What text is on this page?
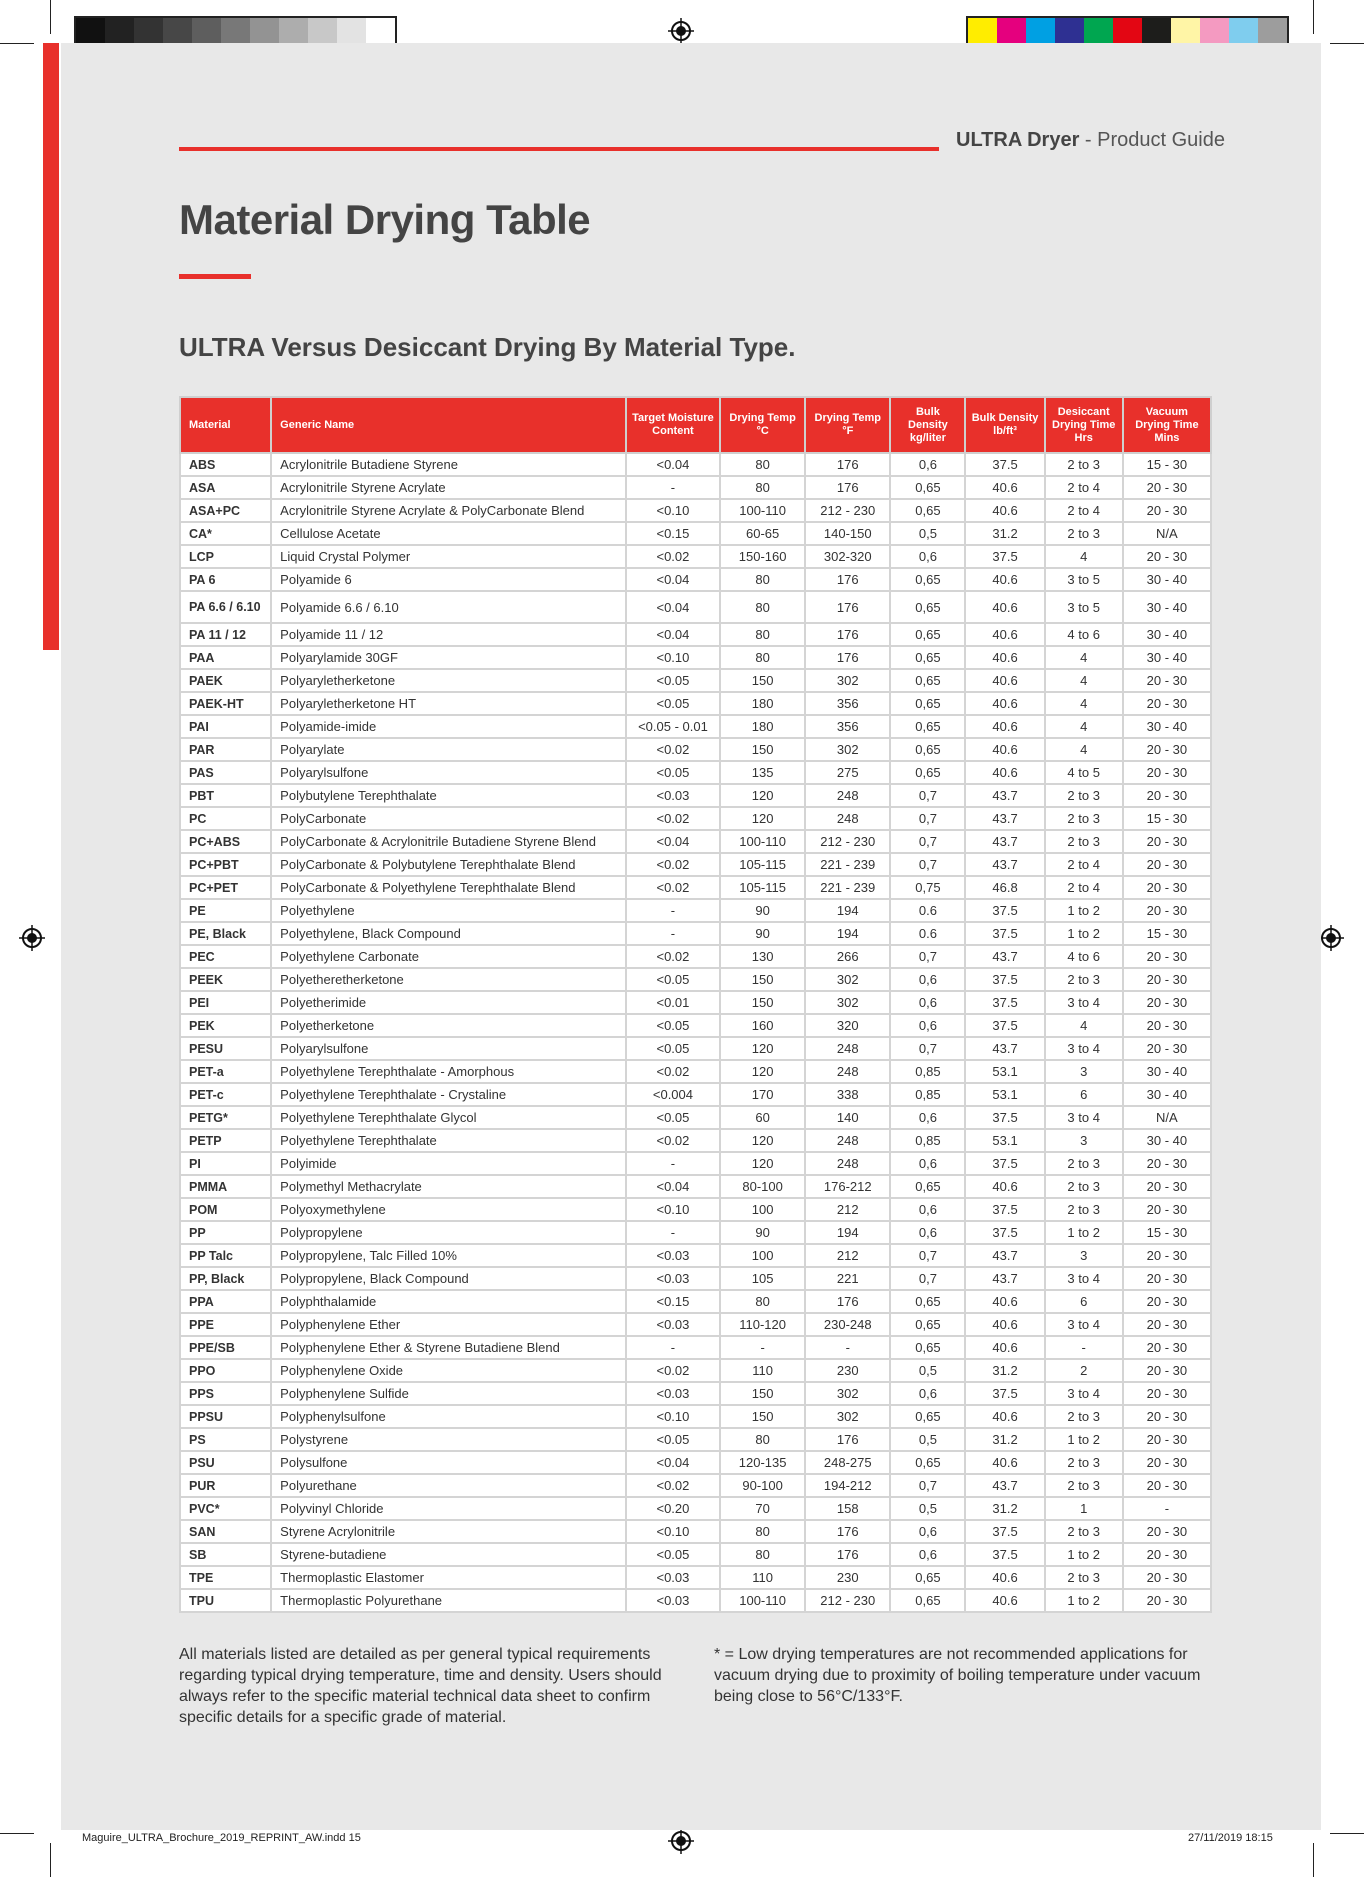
ULTRA Dryer - Product Guide
Material Drying Table
ULTRA Versus Desiccant Drying By Material Type.
Material	Generic Name	Target Moisture Content	Drying Temp °C	Drying Temp °F	Bulk Density kg/liter	Bulk Density lb/ft³	Desiccant Drying Time Hrs	Vacuum Drying Time Mins
ABS	Acrylonitrile Butadiene Styrene	<0.04	80	176	0,6	37.5	2 to 3	15 - 30
ASA	Acrylonitrile Styrene Acrylate	-	80	176	0,65	40.6	2 to 4	20 - 30
ASA+PC	Acrylonitrile Styrene Acrylate & PolyCarbonate Blend	<0.10	100-110	212 - 230	0,65	40.6	2 to 4	20 - 30
CA*	Cellulose Acetate	<0.15	60-65	140-150	0,5	31.2	2 to 3	N/A
LCP	Liquid Crystal Polymer	<0.02	150-160	302-320	0,6	37.5	4	20 - 30
PA 6	Polyamide 6	<0.04	80	176	0,65	40.6	3 to 5	30 - 40
PA 6.6 / 6.10	Polyamide 6.6 / 6.10	<0.04	80	176	0,65	40.6	3 to 5	30 - 40
PA 11 / 12	Polyamide 11 / 12	<0.04	80	176	0,65	40.6	4 to 6	30 - 40
PAA	Polyarylamide 30GF	<0.10	80	176	0,65	40.6	4	30 - 40
PAEK	Polyaryletherketone	<0.05	150	302	0,65	40.6	4	20 - 30
PAEK-HT	Polyaryletherketone HT	<0.05	180	356	0,65	40.6	4	20 - 30
PAI	Polyamide-imide	<0.05 - 0.01	180	356	0,65	40.6	4	30 - 40
PAR	Polyarylate	<0.02	150	302	0,65	40.6	4	20 - 30
PAS	Polyarylsulfone	<0.05	135	275	0,65	40.6	4 to 5	20 - 30
PBT	Polybutylene Terephthalate	<0.03	120	248	0,7	43.7	2 to 3	20 - 30
PC	PolyCarbonate	<0.02	120	248	0,7	43.7	2 to 3	15 - 30
PC+ABS	PolyCarbonate & Acrylonitrile Butadiene Styrene Blend	<0.04	100-110	212 - 230	0,7	43.7	2 to 3	20 - 30
PC+PBT	PolyCarbonate & Polybutylene Terephthalate Blend	<0.02	105-115	221 - 239	0,7	43.7	2 to 4	20 - 30
PC+PET	PolyCarbonate & Polyethylene Terephthalate Blend	<0.02	105-115	221 - 239	0,75	46.8	2 to 4	20 - 30
PE	Polyethylene	-	90	194	0.6	37.5	1 to 2	20 - 30
PE, Black	Polyethylene, Black Compound	-	90	194	0.6	37.5	1 to 2	15 - 30
PEC	Polyethylene Carbonate	<0.02	130	266	0,7	43.7	4 to 6	20 - 30
PEEK	Polyetheretherketone	<0.05	150	302	0,6	37.5	2 to 3	20 - 30
PEI	Polyetherimide	<0.01	150	302	0,6	37.5	3 to 4	20 - 30
PEK	Polyetherketone	<0.05	160	320	0,6	37.5	4	20 - 30
PESU	Polyarylsulfone	<0.05	120	248	0,7	43.7	3 to 4	20 - 30
PET-a	Polyethylene Terephthalate - Amorphous	<0.02	120	248	0,85	53.1	3	30 - 40
PET-c	Polyethylene Terephthalate - Crystaline	<0.004	170	338	0,85	53.1	6	30 - 40
PETG*	Polyethylene Terephthalate Glycol	<0.05	60	140	0,6	37.5	3 to 4	N/A
PETP	Polyethylene Terephthalate	<0.02	120	248	0,85	53.1	3	30 - 40
PI	Polyimide	-	120	248	0,6	37.5	2 to 3	20 - 30
PMMA	Polymethyl Methacrylate	<0.04	80-100	176-212	0,65	40.6	2 to 3	20 - 30
POM	Polyoxymethylene	<0.10	100	212	0,6	37.5	2 to 3	20 - 30
PP	Polypropylene	-	90	194	0,6	37.5	1 to 2	15 - 30
PP Talc	Polypropylene, Talc Filled 10%	<0.03	100	212	0,7	43.7	3	20 - 30
PP, Black	Polypropylene, Black Compound	<0.03	105	221	0,7	43.7	3 to 4	20 - 30
PPA	Polyphthalamide	<0.15	80	176	0,65	40.6	6	20 - 30
PPE	Polyphenylene Ether	<0.03	110-120	230-248	0,65	40.6	3 to 4	20 - 30
PPE/SB	Polyphenylene Ether & Styrene Butadiene Blend	-	-	-	0,65	40.6	-	20 - 30
PPO	Polyphenylene Oxide	<0.02	110	230	0,5	31.2	2	20 - 30
PPS	Polyphenylene Sulfide	<0.03	150	302	0,6	37.5	3 to 4	20 - 30
PPSU	Polyphenylsulfone	<0.10	150	302	0,65	40.6	2 to 3	20 - 30
PS	Polystyrene	<0.05	80	176	0,5	31.2	1 to 2	20 - 30
PSU	Polysulfone	<0.04	120-135	248-275	0,65	40.6	2 to 3	20 - 30
PUR	Polyurethane	<0.02	90-100	194-212	0,7	43.7	2 to 3	20 - 30
PVC*	Polyvinyl Chloride	<0.20	70	158	0,5	31.2	1	-
SAN	Styrene Acrylonitrile	<0.10	80	176	0,6	37.5	2 to 3	20 - 30
SB	Styrene-butadiene	<0.05	80	176	0,6	37.5	1 to 2	20 - 30
TPE	Thermoplastic Elastomer	<0.03	110	230	0,65	40.6	2 to 3	20 - 30
TPU	Thermoplastic Polyurethane	<0.03	100-110	212 - 230	0,65	40.6	1 to 2	20 - 30
All materials listed are detailed as per general typical requirements regarding typical drying temperature, time and density. Users should always refer to the specific material technical data sheet to confirm specific details for a specific grade of material.
* = Low drying temperatures are not recommended applications for vacuum drying due to proximity of boiling temperature under vacuum being close to 56°C/133°F.
Maguire_ULTRA_Brochure_2019_REPRINT_AW.indd 15	27/11/2019 18:15
